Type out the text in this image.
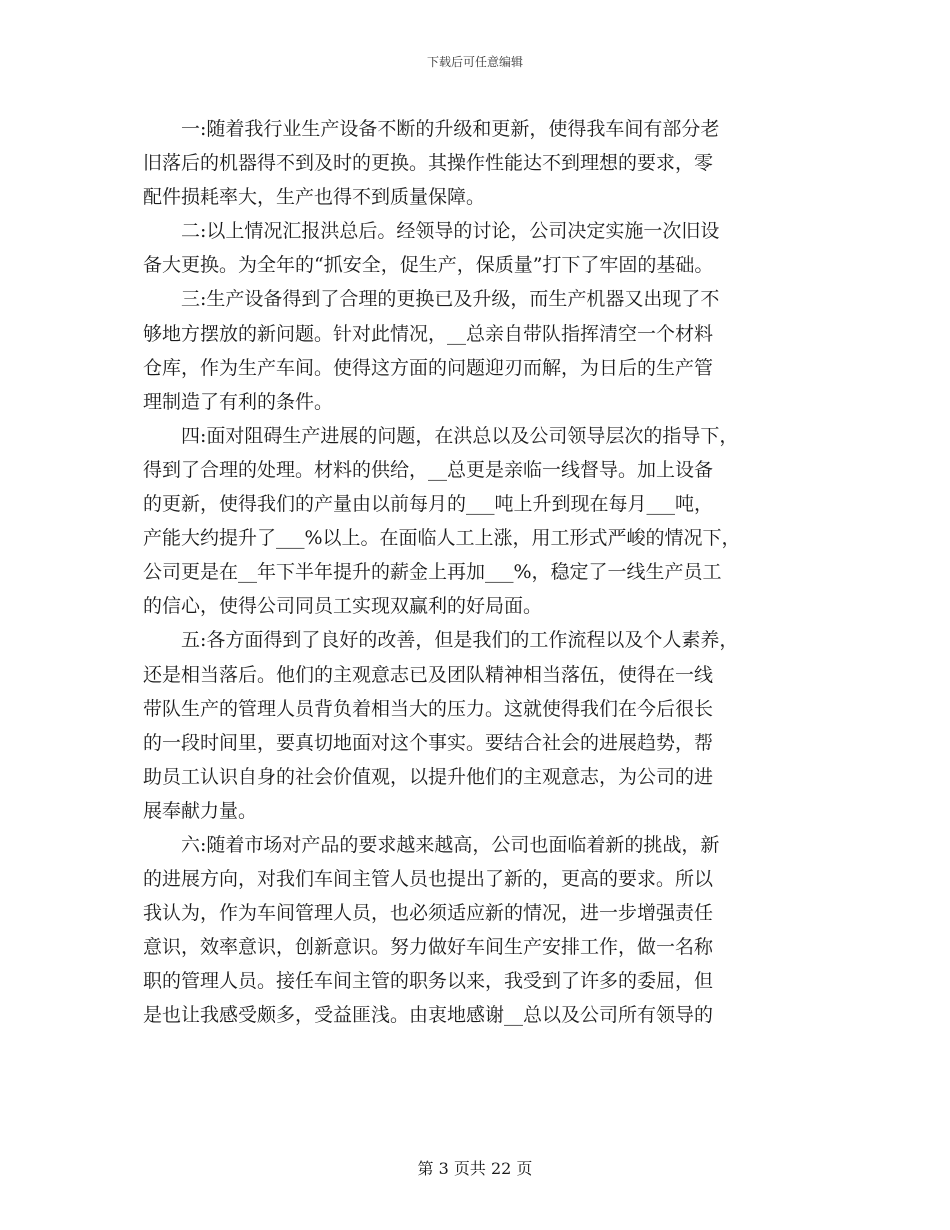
下载后可任意编辑
一:随着我行业生产设备不断的升级和更新，使得我车间有部分老
旧落后的机器得不到及时的更换。其操作性能达不到理想的要求，零
配件损耗率大，生产也得不到质量保障。
二:以上情况汇报洪总后。经领导的讨论，公司决定实施一次旧设
备大更换。为全年的“抓安全，促生产，保质量”打下了牢固的基础。
三:生产设备得到了合理的更换已及升级，而生产机器又出现了不
够地方摆放的新问题。针对此情况，__总亲自带队指挥清空一个材料
仓库，作为生产车间。使得这方面的问题迎刃而解，为日后的生产管
理制造了有利的条件。
四:面对阻碍生产进展的问题，在洪总以及公司领导层次的指导下，
得到了合理的处理。材料的供给，__总更是亲临一线督导。加上设备
的更新，使得我们的产量由以前每月的___吨上升到现在每月___吨，
产能大约提升了___%以上。在面临人工上涨，用工形式严峻的情况下，
公司更是在__年下半年提升的薪金上再加___%，稳定了一线生产员工
的信心，使得公司同员工实现双赢利的好局面。
五:各方面得到了良好的改善，但是我们的工作流程以及个人素养，
还是相当落后。他们的主观意志已及团队精神相当落伍，使得在一线
带队生产的管理人员背负着相当大的压力。这就使得我们在今后很长
的一段时间里，要真切地面对这个事实。要结合社会的进展趋势，帮
助员工认识自身的社会价值观，以提升他们的主观意志，为公司的进
展奉献力量。
六:随着市场对产品的要求越来越高，公司也面临着新的挑战，新
的进展方向，对我们车间主管人员也提出了新的，更高的要求。所以
我认为，作为车间管理人员，也必须适应新的情况，进一步增强责任
意识，效率意识，创新意识。努力做好车间生产安排工作，做一名称
职的管理人员。接任车间主管的职务以来，我受到了许多的委屈，但
是也让我感受颇多，受益匪浅。由衷地感谢__总以及公司所有领导的
第 3 页共 22 页
